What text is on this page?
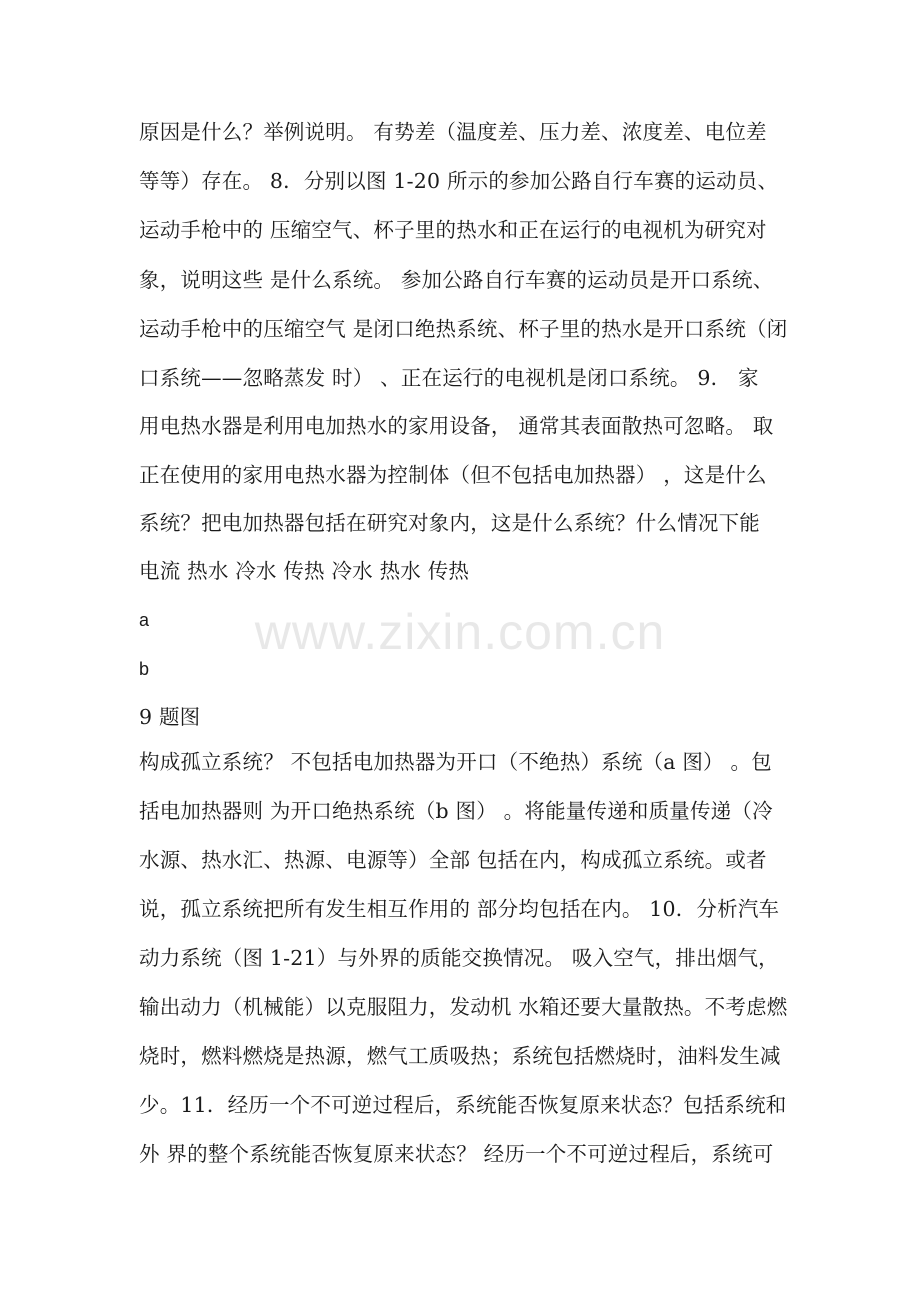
原因是什么？举例说明。 有势差（温度差、压力差、浓度差、电位差
等等）存在。 8．分别以图 1-20 所示的参加公路自行车赛的运动员、
运动手枪中的 压缩空气、杯子里的热水和正在运行的电视机为研究对
象，说明这些 是什么系统。 参加公路自行车赛的运动员是开口系统、
运动手枪中的压缩空气 是闭口绝热系统、杯子里的热水是开口系统（闭
口系统——忽略蒸发 时） 、正在运行的电视机是闭口系统。 9． 家
用电热水器是利用电加热水的家用设备， 通常其表面散热可忽略。 取
正在使用的家用电热水器为控制体（但不包括电加热器） ，这是什么
系统？把电加热器包括在研究对象内，这是什么系统？什么情况下能
电流 热水 冷水 传热 冷水 热水 传热
a
b
9 题图
构成孤立系统？ 不包括电加热器为开口（不绝热）系统（a 图） 。包
括电加热器则 为开口绝热系统（b 图） 。将能量传递和质量传递（冷
水源、热水汇、热源、电源等）全部 包括在内，构成孤立系统。或者
说，孤立系统把所有发生相互作用的 部分均包括在内。 10．分析汽车
动力系统（图 1-21）与外界的质能交换情况。 吸入空气，排出烟气，
输出动力（机械能）以克服阻力，发动机 水箱还要大量散热。不考虑燃
烧时，燃料燃烧是热源，燃气工质吸热；系统包括燃烧时，油料发生减
少。11．经历一个不可逆过程后，系统能否恢复原来状态？包括系统和
外 界的整个系统能否恢复原来状态？ 经历一个不可逆过程后，系统可
www.zixin.com.cn
